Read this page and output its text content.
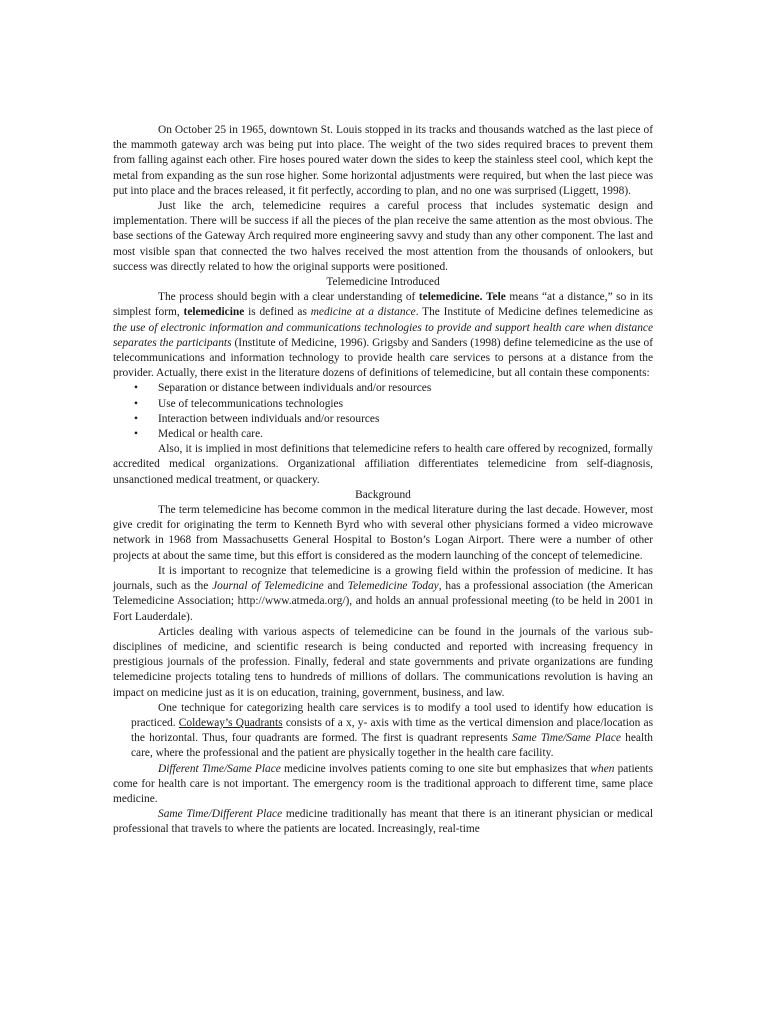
On October 25 in 1965, downtown St. Louis stopped in its tracks and thousands watched as the last piece of the mammoth gateway arch was being put into place. The weight of the two sides required braces to prevent them from falling against each other. Fire hoses poured water down the sides to keep the stainless steel cool, which kept the metal from expanding as the sun rose higher. Some horizontal adjustments were required, but when the last piece was put into place and the braces released, it fit perfectly, according to plan, and no one was surprised (Liggett, 1998).

Just like the arch, telemedicine requires a careful process that includes systematic design and implementation. There will be success if all the pieces of the plan receive the same attention as the most obvious. The base sections of the Gateway Arch required more engineering savvy and study than any other component. The last and most visible span that connected the two halves received the most attention from the thousands of onlookers, but success was directly related to how the original supports were positioned.

Telemedicine Introduced

The process should begin with a clear understanding of telemedicine. Tele means “at a distance,” so in its simplest form, telemedicine is defined as medicine at a distance. The Institute of Medicine defines telemedicine as the use of electronic information and communications technologies to provide and support health care when distance separates the participants (Institute of Medicine, 1996). Grigsby and Sanders (1998) define telemedicine as the use of telecommunications and information technology to provide health care services to persons at a distance from the provider. Actually, there exist in the literature dozens of definitions of telemedicine, but all contain these components:

• Separation or distance between individuals and/or resources
• Use of telecommunications technologies
• Interaction between individuals and/or resources
• Medical or health care.

Also, it is implied in most definitions that telemedicine refers to health care offered by recognized, formally accredited medical organizations. Organizational affiliation differentiates telemedicine from self-diagnosis, unsanctioned medical treatment, or quackery.

Background

The term telemedicine has become common in the medical literature during the last decade. However, most give credit for originating the term to Kenneth Byrd who with several other physicians formed a video microwave network in 1968 from Massachusetts General Hospital to Boston’s Logan Airport. There were a number of other projects at about the same time, but this effort is considered as the modern launching of the concept of telemedicine.

It is important to recognize that telemedicine is a growing field within the profession of medicine. It has journals, such as the Journal of Telemedicine and Telemedicine Today, has a professional association (the American Telemedicine Association; http://www.atmeda.org/), and holds an annual professional meeting (to be held in 2001 in Fort Lauderdale).

Articles dealing with various aspects of telemedicine can be found in the journals of the various sub-disciplines of medicine, and scientific research is being conducted and reported with increasing frequency in prestigious journals of the profession. Finally, federal and state governments and private organizations are funding telemedicine projects totaling tens to hundreds of millions of dollars. The communications revolution is having an impact on medicine just as it is on education, training, government, business, and law.

One technique for categorizing health care services is to modify a tool used to identify how education is practiced. Coldeway’s Quadrants consists of a x, y- axis with time as the vertical dimension and place/location as the horizontal. Thus, four quadrants are formed. The first is quadrant represents Same Time/Same Place health care, where the professional and the patient are physically together in the health care facility.

Different Time/Same Place medicine involves patients coming to one site but emphasizes that when patients come for health care is not important. The emergency room is the traditional approach to different time, same place medicine.

Same Time/Different Place medicine traditionally has meant that there is an itinerant physician or medical professional that travels to where the patients are located. Increasingly, real-time
